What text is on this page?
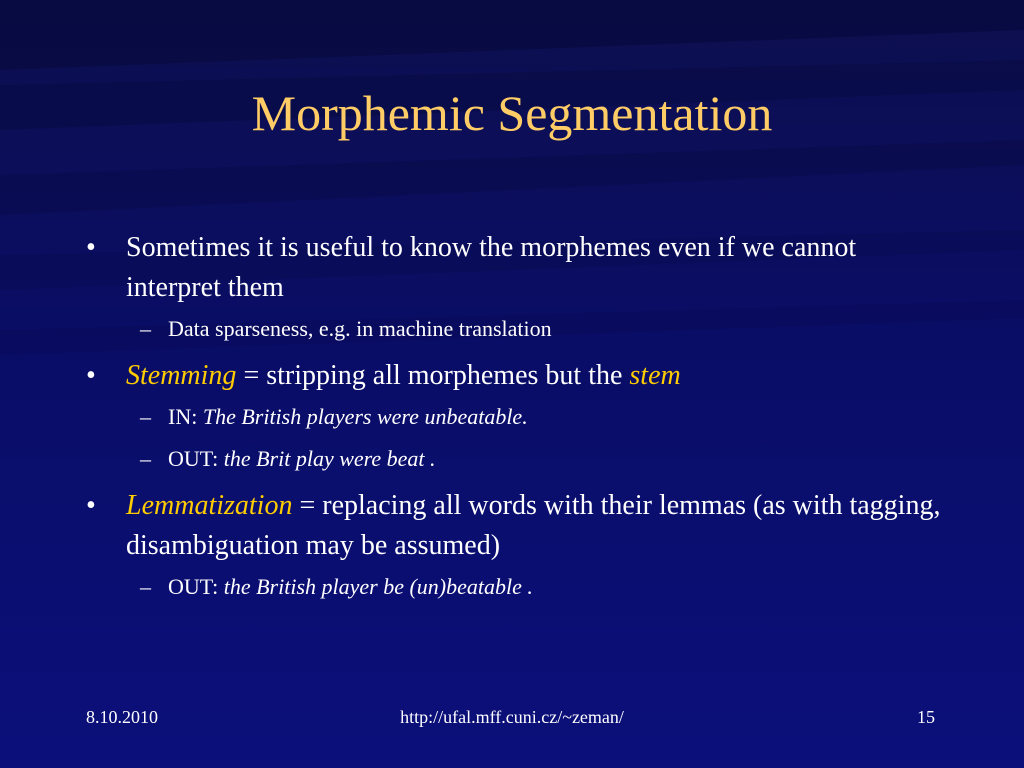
Morphemic Segmentation
• Sometimes it is useful to know the morphemes even if we cannot interpret them
– Data sparseness, e.g. in machine translation
• Stemming = stripping all morphemes but the stem
– IN: The British players were unbeatable.
– OUT: the Brit play were beat .
• Lemmatization = replacing all words with their lemmas (as with tagging, disambiguation may be assumed)
– OUT: the British player be (un)beatable .
8.10.2010	http://ufal.mff.cuni.cz/~zeman/	15
